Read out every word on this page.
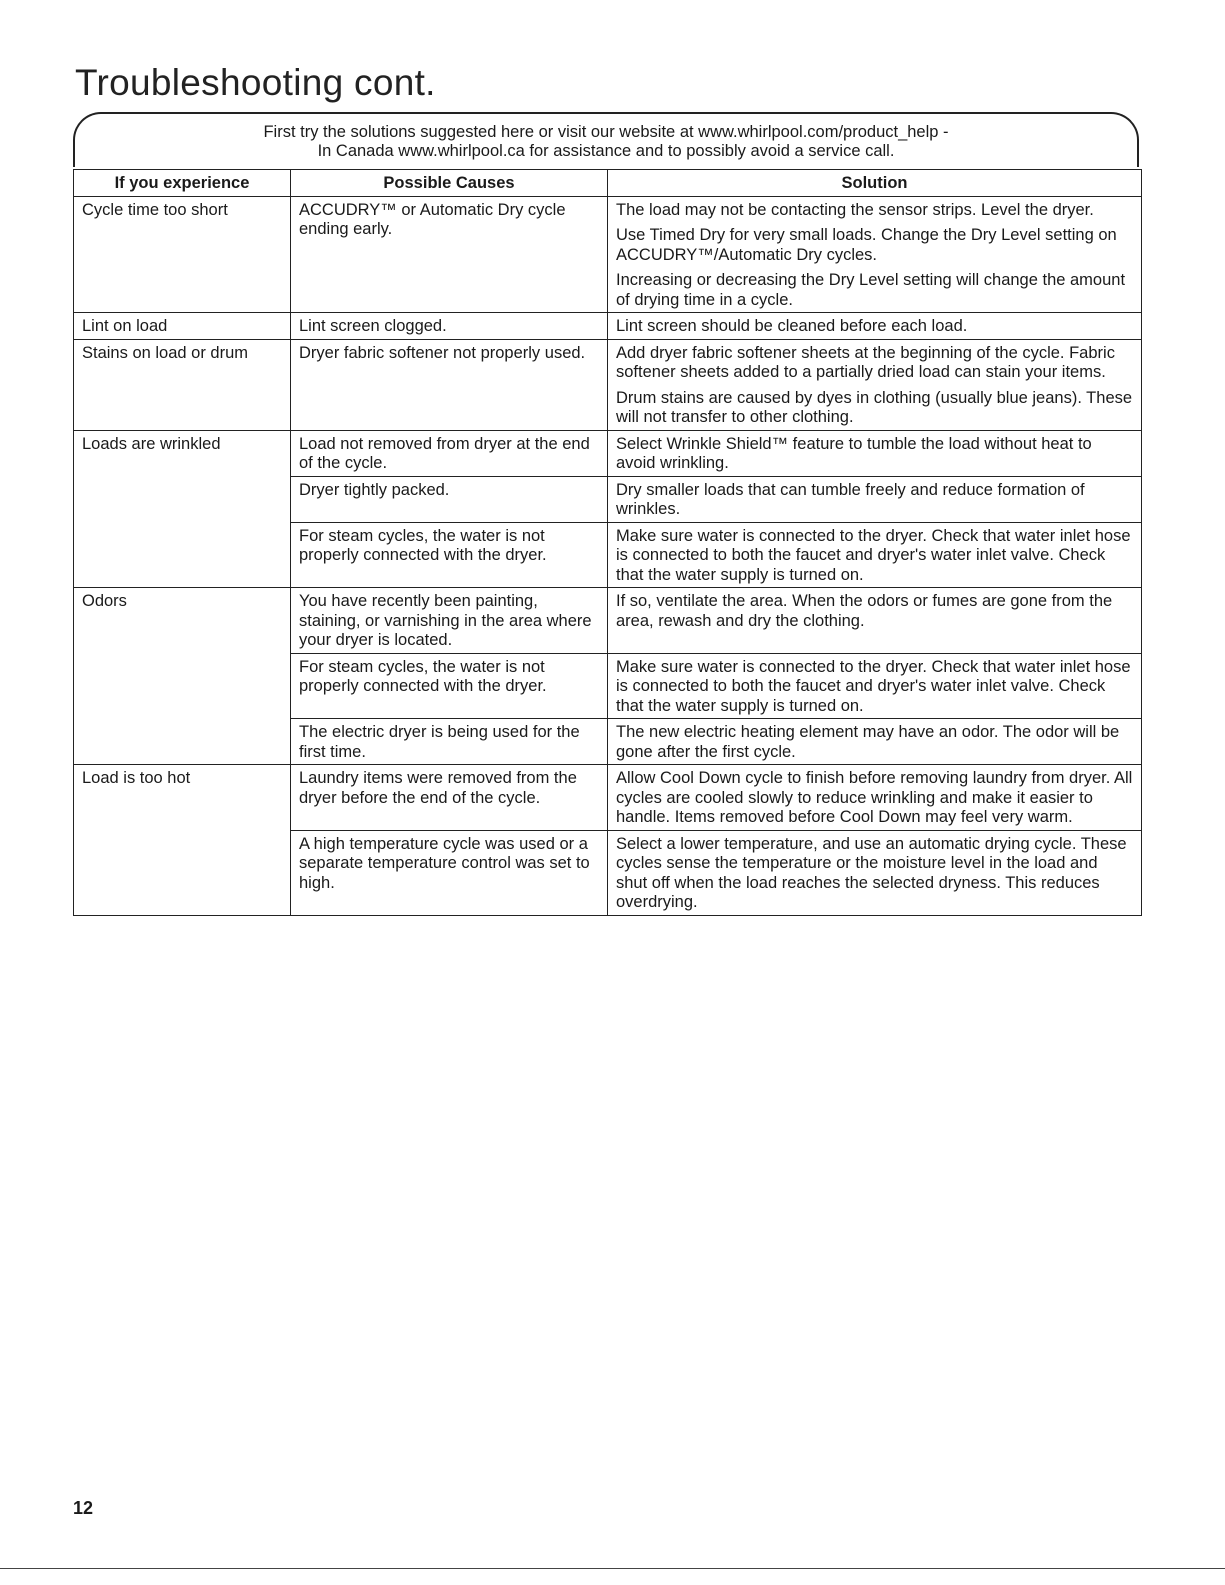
Troubleshooting cont.
First try the solutions suggested here or visit our website at www.whirlpool.com/product_help -
In Canada www.whirlpool.ca for assistance and to possibly avoid a service call.
If you experience	Possible Causes	Solution
Cycle time too short	ACCUDRY™ or Automatic Dry cycle ending early.	The load may not be contacting the sensor strips. Level the dryer.
Use Timed Dry for very small loads. Change the Dry Level setting on ACCUDRY™/Automatic Dry cycles.
Increasing or decreasing the Dry Level setting will change the amount of drying time in a cycle.

Lint on load	Lint screen clogged.	Lint screen should be cleaned before each load.

Stains on load or drum	Dryer fabric softener not properly used.	Add dryer fabric softener sheets at the beginning of the cycle. Fabric softener sheets added to a partially dried load can stain your items.
Drum stains are caused by dyes in clothing (usually blue jeans). These will not transfer to other clothing.

Loads are wrinkled	Load not removed from dryer at the end of the cycle.	Select Wrinkle Shield™ feature to tumble the load without heat to avoid wrinkling.

	Dryer tightly packed.	Dry smaller loads that can tumble freely and reduce formation of wrinkles.

	For steam cycles, the water is not properly connected with the dryer.	Make sure water is connected to the dryer. Check that water inlet hose is connected to both the faucet and dryer's water inlet valve. Check that the water supply is turned on.

Odors	You have recently been painting, staining, or varnishing in the area where your dryer is located.	If so, ventilate the area. When the odors or fumes are gone from the area, rewash and dry the clothing.

	For steam cycles, the water is not properly connected with the dryer.	Make sure water is connected to the dryer. Check that water inlet hose is connected to both the faucet and dryer's water inlet valve. Check that the water supply is turned on.

	The electric dryer is being used for the first time.	The new electric heating element may have an odor. The odor will be gone after the first cycle.

Load is too hot	Laundry items were removed from the dryer before the end of the cycle.	Allow Cool Down cycle to finish before removing laundry from dryer. All cycles are cooled slowly to reduce wrinkling and make it easier to handle. Items removed before Cool Down may feel very warm.

	A high temperature cycle was used or a separate temperature control was set to high.	Select a lower temperature, and use an automatic drying cycle. These cycles sense the temperature or the moisture level in the load and shut off when the load reaches the selected dryness. This reduces overdrying.
12
